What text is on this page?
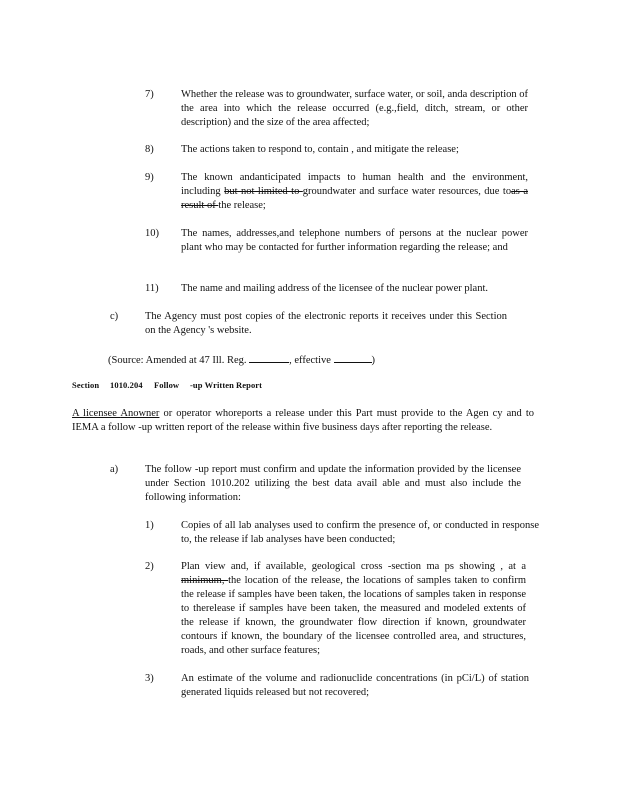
7)	Whether the release was to groundwater, surface water, or soil, anda description of the area into which the release occurred (e.g.,field, ditch, stream, or other description) and the size of the area affected;
8)	The actions taken to respond to, contain , and mitigate the release;
9)	The known andanticipated impacts to human health and the environment, including but not limited to groundwater and surface water resources, due toas a result of the release;
10) The names, addresses,and telephone numbers of persons at the nuclear power plant who may be contacted for further information regarding the release; and
11) The name and mailing address of the licensee of the nuclear power plant.
c)	The Agency must post copies of the electronic reports it receives under this Section on the Agency 's website.
(Source: Amended at 47 Ill. Reg.	, effective	)
Section 1010.204 Follow -up Written Report
A licensee Anowner or operator whoreports a release under this Part must provide to the Agen cy and to IEMA a follow -up written report of the release within five business days after reporting the release.
a)	The follow -up report must confirm and update the information provided by the licensee under Section 1010.202 utilizing the best data avail able and must also include the following information:
1)	Copies of all lab analyses used to confirm the presence of, or conducted in response to, the release if lab analyses have been conducted;
2)	Plan view and, if available, geological cross -section ma ps showing , at a minimum, the location of the release, the locations of samples taken to confirm the release if samples have been taken, the locations of samples taken in response to therelease if samples have been taken, the measured and modeled extents of the release if known, the groundwater flow direction if known, groundwater contours if known, the boundary of the licensee controlled area, and structures, roads, and other surface features;
3)	An estimate of the volume and radionuclide concentrations (in pCi/L) of station generated liquids released but not recovered;
